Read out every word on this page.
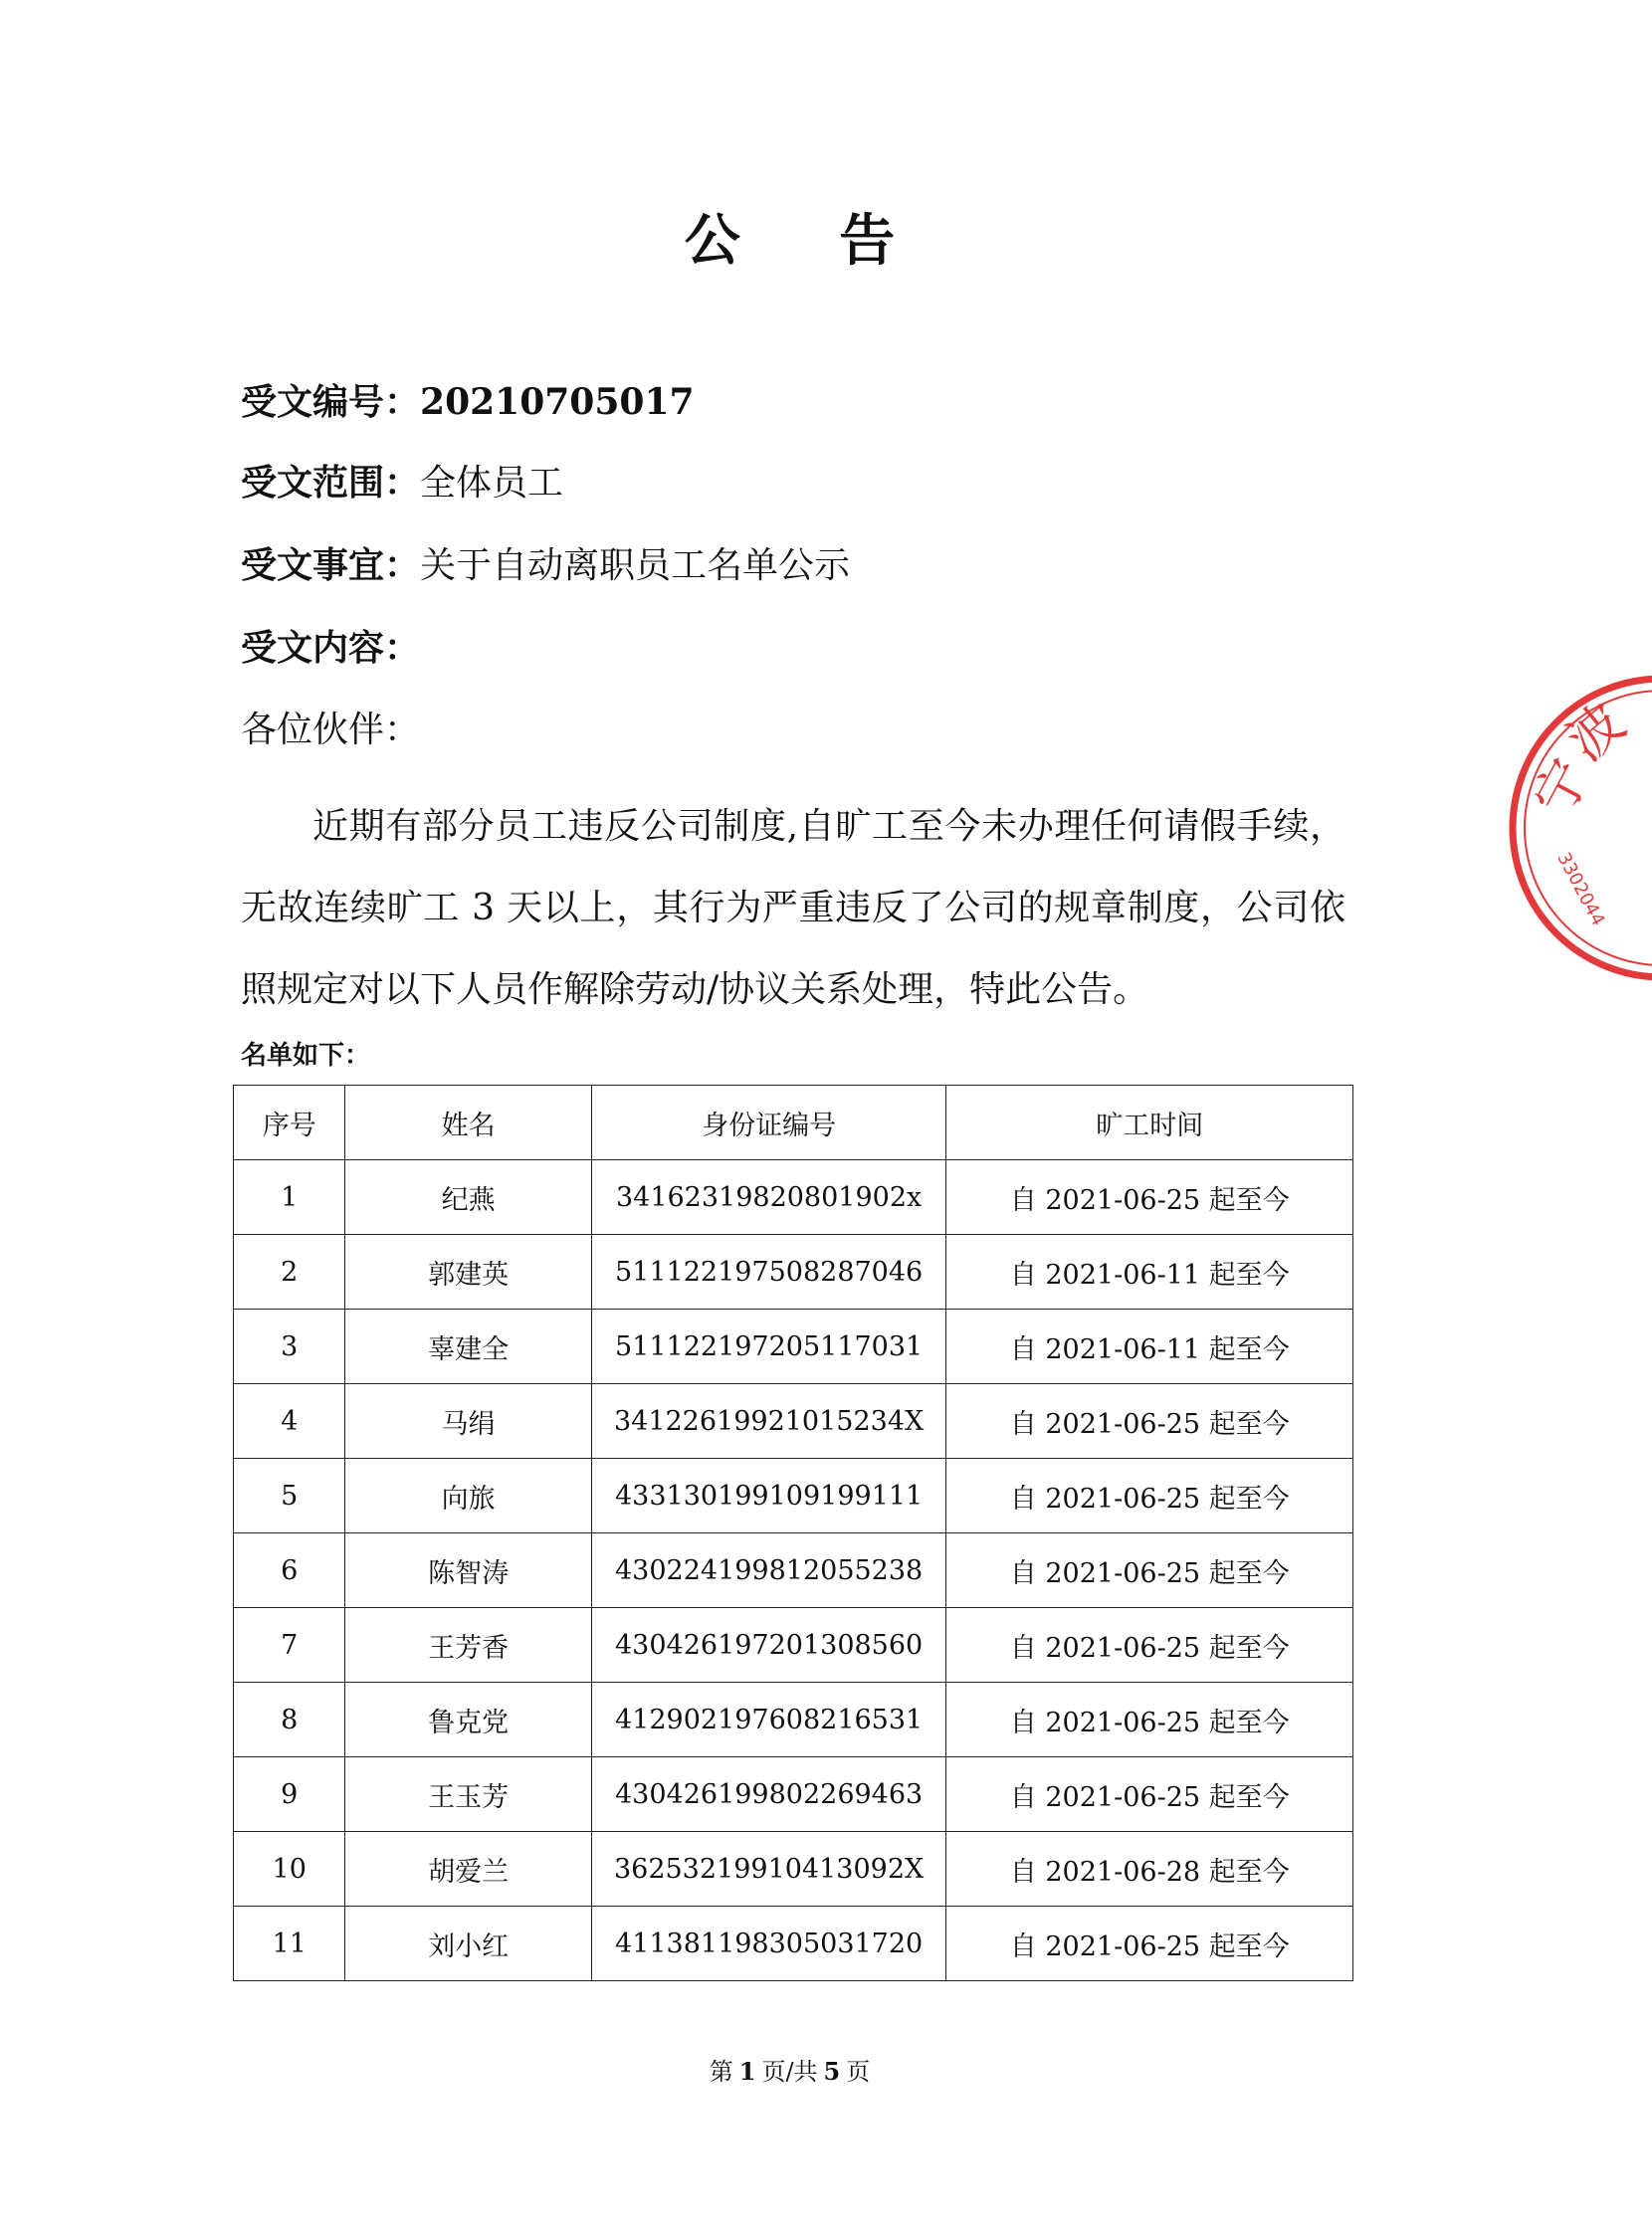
公 告
受文编号：20210705017
受文范围：全体员工
受文事宜：关于自动离职员工名单公示
受文内容：
各位伙伴：
近期有部分员工违反公司制度,自旷工至今未办理任何请假手续，无故连续旷工 3 天以上，其行为严重违反了公司的规章制度，公司依照规定对以下人员作解除劳动/协议关系处理，特此公告。
名单如下：
序号	姓名	身份证编号	旷工时间
1	纪燕	34162319820801902x	自 2021-06-25 起至今
2	郭建英	511122197508287046	自 2021-06-11 起至今
3	辜建全	511122197205117031	自 2021-06-11 起至今
4	马绢	34122619921015234X	自 2021-06-25 起至今
5	向旅	433130199109199111	自 2021-06-25 起至今
6	陈智涛	430224199812055238	自 2021-06-25 起至今
7	王芳香	430426197201308560	自 2021-06-25 起至今
8	鲁克党	412902197608216531	自 2021-06-25 起至今
9	王玉芳	430426199802269463	自 2021-06-25 起至今
10	胡爱兰	36253219910413092X	自 2021-06-28 起至今
11	刘小红	411381198305031720	自 2021-06-25 起至今
第 1 页/共 5 页
宁
波
3302044
